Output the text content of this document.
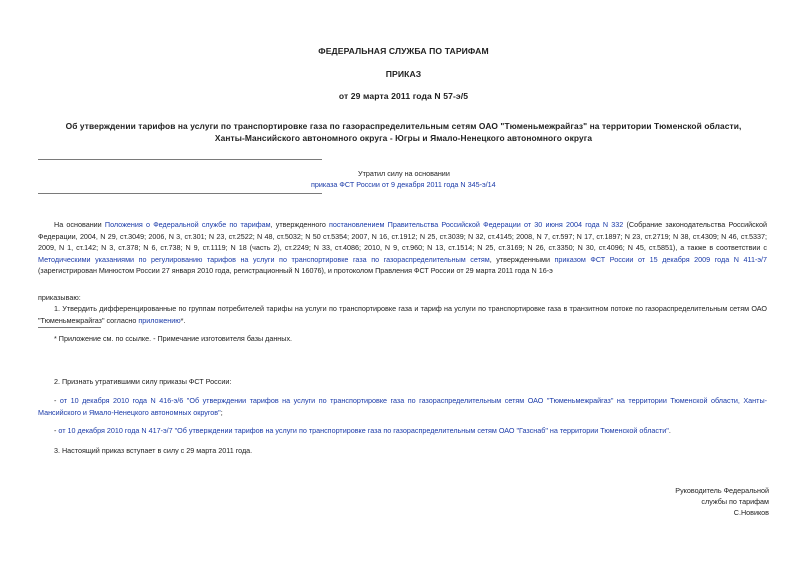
ФЕДЕРАЛЬНАЯ СЛУЖБА ПО ТАРИФАМ
ПРИКАЗ
от 29 марта 2011 года N 57-э/5
Об утверждении тарифов на услуги по транспортировке газа по газораспределительным сетям ОАО "Тюменьмежрайгаз" на территории Тюменской области,
Ханты-Мансийского автономного округа - Югры и Ямало-Ненецкого автономного округа
Утратил силу на основании
приказа ФСТ России от 9 декабря 2011 года N 345-э/14
На основании Положения о Федеральной службе по тарифам, утвержденного постановлением Правительства Российской Федерации от 30 июня 2004 года N 332 (Собрание законодательства Российской Федерации, 2004, N 29, ст.3049; 2006, N 3, ст.301; N 23, ст.2522; N 48, ст.5032; N 50 ст.5354; 2007, N 16, ст.1912; N 25, ст.3039; N 32, ст.4145; 2008, N 7, ст.597; N 17, ст.1897; N 23, ст.2719; N 38, ст.4309; N 46, ст.5337; 2009, N 1, ст.142; N 3, ст.378; N 6, ст.738; N 9, ст.1119; N 18 (часть 2), ст.2249; N 33, ст.4086; 2010, N 9, ст.960; N 13, ст.1514; N 25, ст.3169; N 26, ст.3350; N 30, ст.4096; N 45, ст.5851), а также в соответствии с Методическими указаниями по регулированию тарифов на услуги по транспортировке газа по газораспределительным сетям, утвержденными приказом ФСТ России от 15 декабря 2009 года N 411-э/7 (зарегистрирован Минюстом России 27 января 2010 года, регистрационный N 16076), и протоколом Правления ФСТ России от 29 марта 2011 года N 16-э
приказываю:
1. Утвердить дифференцированные по группам потребителей тарифы на услуги по транспортировке газа и тариф на услуги по транспортировке газа в транзитном потоке по газораспределительным сетям ОАО "Тюменьмежрайгаз" согласно приложению*.
* Приложение см. по ссылке. - Примечание изготовителя базы данных.
2. Признать утратившими силу приказы ФСТ России:
- от 10 декабря 2010 года N 416-э/6 "Об утверждении тарифов на услуги по транспортировке газа по газораспределительным сетям ОАО "Тюменьмежрайгаз" на территории Тюменской области, Ханты-Мансийского и Ямало-Ненецкого автономных округов";
- от 10 декабря 2010 года N 417-э/7 "Об утверждении тарифов на услуги по транспортировке газа по газораспределительным сетям ОАО "Газснаб" на территории Тюменской области".
3. Настоящий приказ вступает в силу с 29 марта 2011 года.
Руководитель Федеральной
службы по тарифам
С.Новиков
